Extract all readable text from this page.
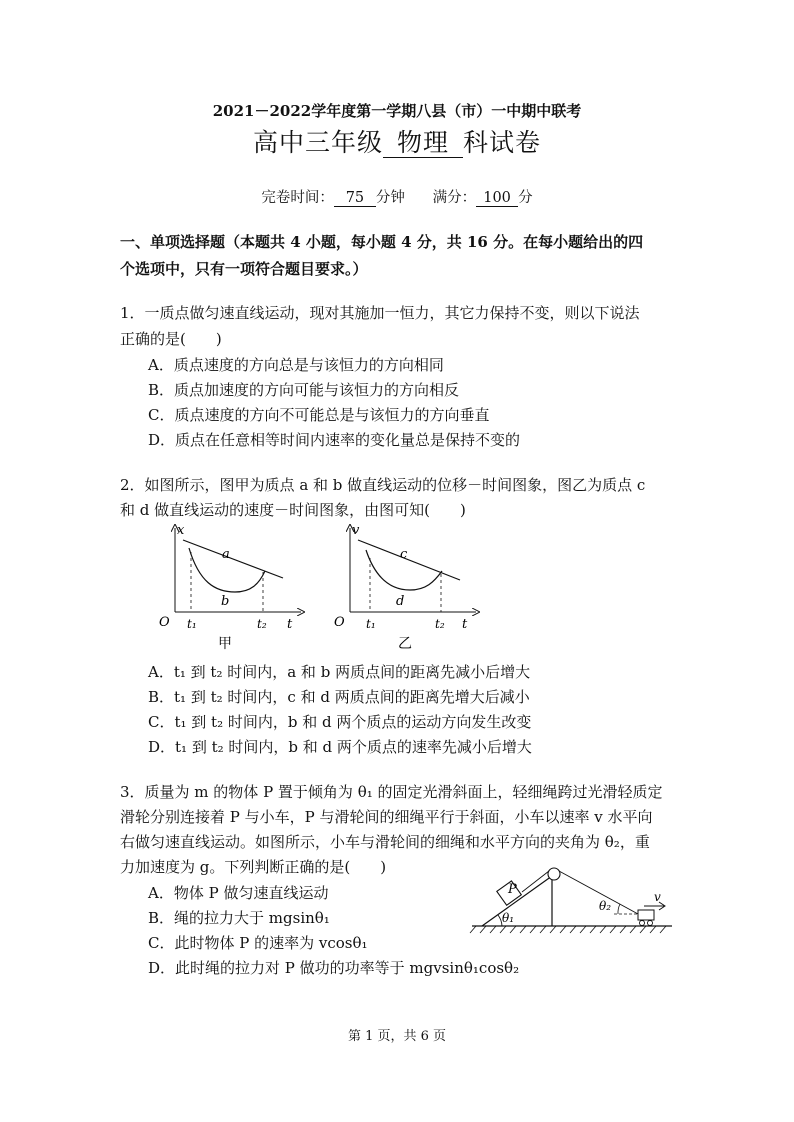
2021－2022学年度第一学期八县（市）一中期中联考
高中三年级 物理 科试卷
完卷时间： 75 分钟 满分： 100 分
一、单项选择题（本题共 4 小题，每小题 4 分，共 16 分。在每小题给出的四
个选项中，只有一项符合题目要求。）
1．一质点做匀速直线运动，现对其施加一恒力，其它力保持不变，则以下说法
正确的是(　　)
A．质点速度的方向总是与该恒力的方向相同
B．质点加速度的方向可能与该恒力的方向相反
C．质点速度的方向不可能总是与该恒力的方向垂直
D．质点在任意相等时间内速率的变化量总是保持不变的
2．如图所示，图甲为质点 a 和 b 做直线运动的位移－时间图象，图乙为质点 c
和 d 做直线运动的速度－时间图象，由图可知(　　)
x
O	t
a
b
t₁	t₂
甲
v
O	t
c
d
t₁	t₂
乙
A．t₁ 到 t₂ 时间内，a 和 b 两质点间的距离先减小后增大
B．t₁ 到 t₂ 时间内，c 和 d 两质点间的距离先增大后减小
C．t₁ 到 t₂ 时间内，b 和 d 两个质点的运动方向发生改变
D．t₁ 到 t₂ 时间内，b 和 d 两个质点的速率先减小后增大
3．质量为 m 的物体 P 置于倾角为 θ₁ 的固定光滑斜面上，轻细绳跨过光滑轻质定
滑轮分别连接着 P 与小车，P 与滑轮间的细绳平行于斜面，小车以速率 v 水平向
右做匀速直线运动。如图所示，小车与滑轮间的细绳和水平方向的夹角为 θ₂，重
力加速度为 g。下列判断正确的是(　　)
A．物体 P 做匀速直线运动
B．绳的拉力大于 mgsinθ₁
C．此时物体 P 的速率为 vcosθ₁
D．此时绳的拉力对 P 做功的功率等于 mgvsinθ₁cosθ₂
θ₁
P
θ₂
v
第 1 页，共 6 页
